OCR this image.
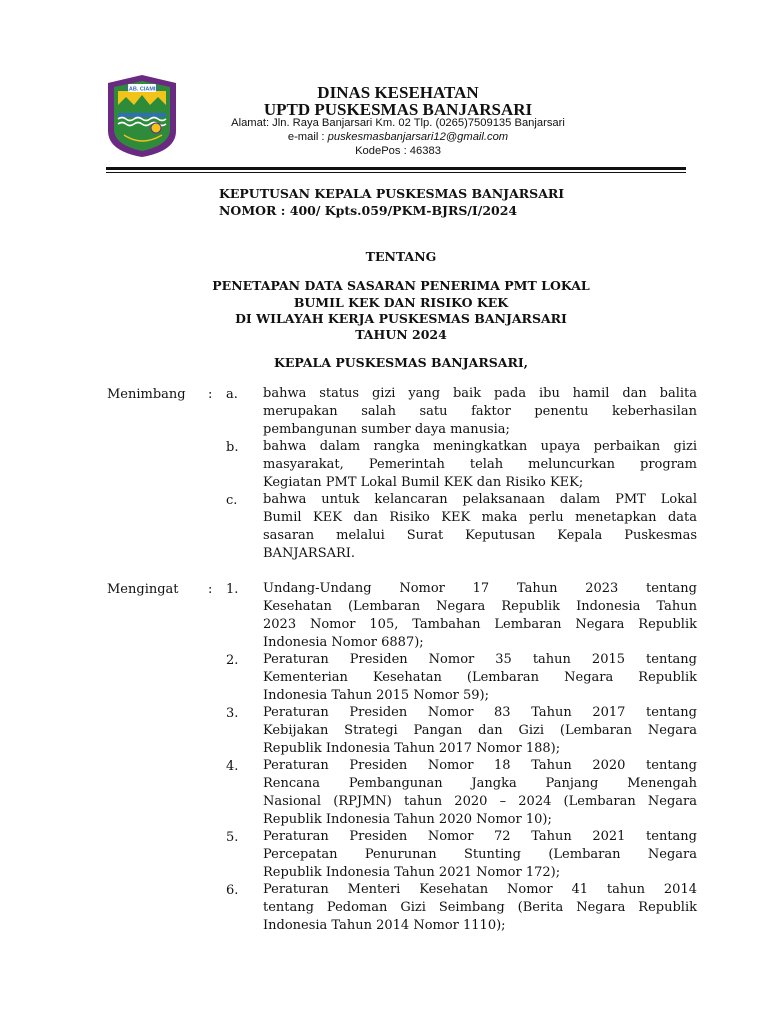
KAB. CIAMIS	DINAS KESEHATAN
UPTD PUSKESMAS BANJARSARI
Alamat: Jln. Raya Banjarsari Km. 02 Tlp. (0265)7509135 Banjarsari
e-mail : puskesmasbanjarsari12@gmail.com
KodePos : 46383
KEPUTUSAN KEPALA PUSKESMAS BANJARSARI
NOMOR : 400/ Kpts.059/PKM-BJRS/I/2024
TENTANG
PENETAPAN DATA SASARAN PENERIMA PMT LOKAL
BUMIL KEK DAN RISIKO KEK
DI WILAYAH KERJA PUSKESMAS BANJARSARI
TAHUN 2024
KEPALA PUSKESMAS BANJARSARI,
Menimbang : a. bahwa status gizi yang baik pada ibu hamil dan balita
merupakan salah satu faktor penentu keberhasilan
pembangunan sumber daya manusia;
b. bahwa dalam rangka meningkatkan upaya perbaikan gizi
masyarakat, Pemerintah telah meluncurkan program
Kegiatan PMT Lokal Bumil KEK dan Risiko KEK;
c. bahwa untuk kelancaran pelaksanaan dalam PMT Lokal
Bumil KEK dan Risiko KEK maka perlu menetapkan data
sasaran melalui Surat Keputusan Kepala Puskesmas
BANJARSARI.
Mengingat : 1. Undang-Undang Nomor 17 Tahun 2023 tentang
Kesehatan (Lembaran Negara Republik Indonesia Tahun
2023 Nomor 105, Tambahan Lembaran Negara Republik
Indonesia Nomor 6887);
2. Peraturan Presiden Nomor 35 tahun 2015 tentang
Kementerian Kesehatan (Lembaran Negara Republik
Indonesia Tahun 2015 Nomor 59);
3. Peraturan Presiden Nomor 83 Tahun 2017 tentang
Kebijakan Strategi Pangan dan Gizi (Lembaran Negara
Republik Indonesia Tahun 2017 Nomor 188);
4. Peraturan Presiden Nomor 18 Tahun 2020 tentang
Rencana Pembangunan Jangka Panjang Menengah
Nasional (RPJMN) tahun 2020 – 2024 (Lembaran Negara
Republik Indonesia Tahun 2020 Nomor 10);
5. Peraturan Presiden Nomor 72 Tahun 2021 tentang
Percepatan Penurunan Stunting (Lembaran Negara
Republik Indonesia Tahun 2021 Nomor 172);
6. Peraturan Menteri Kesehatan Nomor 41 tahun 2014
tentang Pedoman Gizi Seimbang (Berita Negara Republik
Indonesia Tahun 2014 Nomor 1110);
